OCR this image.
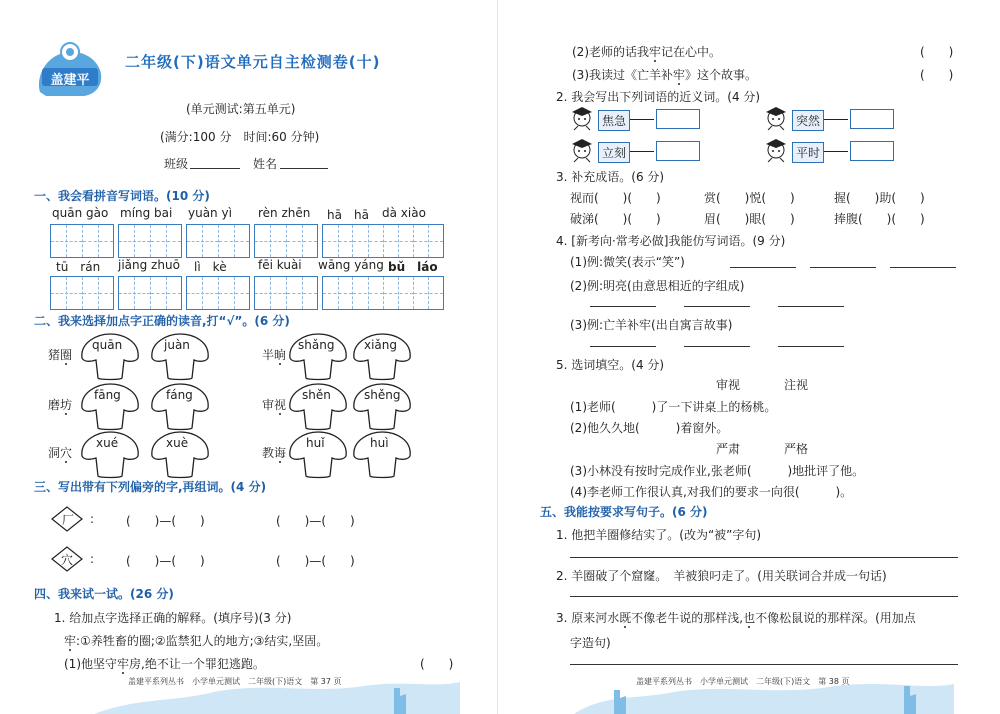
盖建平
二年级(下)语文单元自主检测卷(十)
(单元测试:第五单元)
(满分:100 分　时间:60 分钟)
班级	姓名
一、我会看拼音写词语。(10 分)
quān gào míng bai yuàn yì rèn zhēn hā　hā dà xiào
tū　rán jiǎng zhuō lì　kè	fēi kuài wāng yáng bǔ　láo
二、我来选择加点字正确的读音,打“√”。(6 分)
猪圈
quān	juàn
半晌
shǎng xiǎng
磨坊
fāng	fáng
审视
shěn	shěng
洞穴
xué	xuè
教诲
huǐ	huì
三、写出带有下列偏旁的字,再组词。(4 分)
厂 :	(　　)—(　　)	(　　)—(　　)
穴 :	(　　)—(　　)	(　　)—(　　)
四、我来试一试。(26 分)
1. 给加点字选择正确的解释。(填序号)(3 分)
牢:①养牲畜的圈;②监禁犯人的地方;③结实,坚固。
(1)他坚守牢房,绝不让一个罪犯逃跑。	(　　)
盖建平系列丛书　小学单元测试　二年级(下)语文　第 37 页
(2)老师的话我牢记在心中。	(　　)
(3)我读过《亡羊补牢》这个故事。	(　　)
2. 我会写出下列词语的近义词。(4 分)
焦急	突然
立刻	平时
3. 补充成语。(6 分)
视而(　　)(　　)	赏(　　)悦(　　)	握(　　)助(　　)
破涕(　　)(　　)	眉(　　)眼(　　)	捧腹(　　)(　　)
4. [新考向·常考必做]我能仿写词语。(9 分)
(1)例:微笑(表示“笑”)
(2)例:明亮(由意思相近的字组成)
(3)例:亡羊补牢(出自寓言故事)
5. 选词填空。(4 分)
审视	注视
(1)老师(　　　)了一下讲桌上的杨桃。
(2)他久久地(　　　)着窗外。
严肃	严格
(3)小林没有按时完成作业,张老师(　　　)地批评了他。
(4)李老师工作很认真,对我们的要求一向很(　　　)。
五、我能按要求写句子。(6 分)
1. 他把羊圈修结实了。(改为“被”字句)
2. 羊圈破了个窟窿。　羊被狼叼走了。(用关联词合并成一句话)
3. 原来河水既不像老牛说的那样浅,也不像松鼠说的那样深。(用加点
字造句)
盖建平系列丛书　小学单元测试　二年级(下)语文　第 38 页
